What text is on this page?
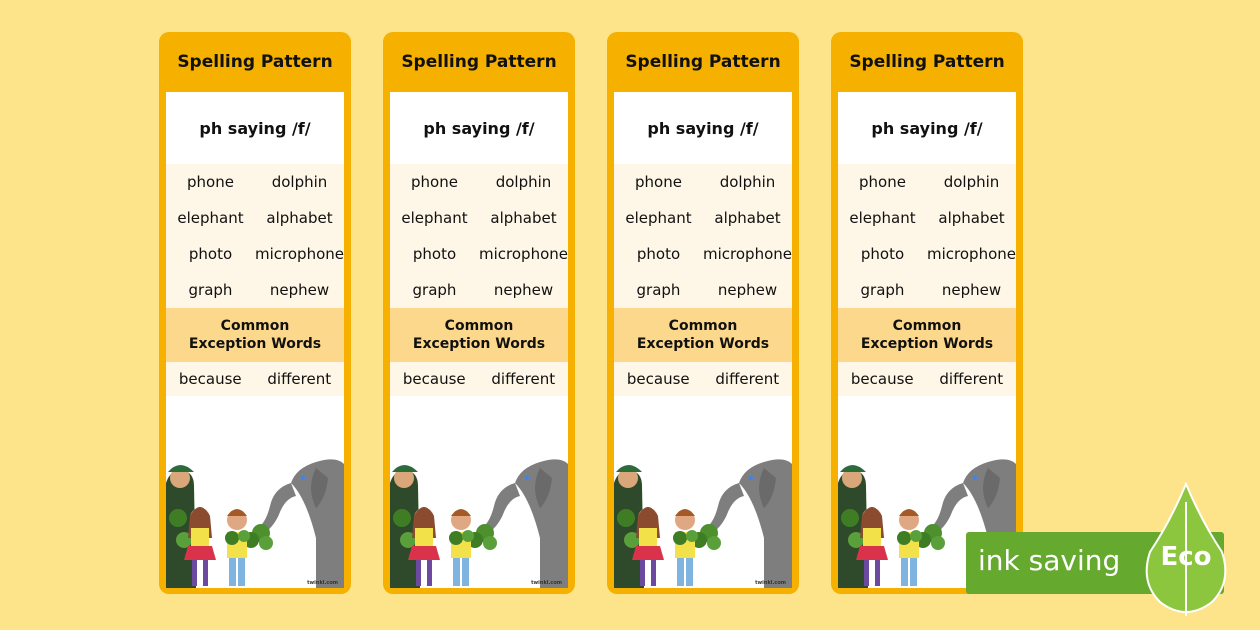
Spelling Pattern
ph saying /f/
phone	dolphin
elephant alphabet
photo microphone
graph nephew
Common
Exception Words
because different
twinkl.com
Spelling Pattern
ph saying /f/
phone	dolphin
elephant alphabet
photo microphone
graph nephew
Common
Exception Words
because different
twinkl.com
Spelling Pattern
ph saying /f/
phone	dolphin
elephant alphabet
photo microphone
graph nephew
Common
Exception Words
because different
twinkl.com
Spelling Pattern
ph saying /f/
phone	dolphin
elephant alphabet
photo microphone
graph nephew
Common
Exception Words
because different
ink saving	Eco
